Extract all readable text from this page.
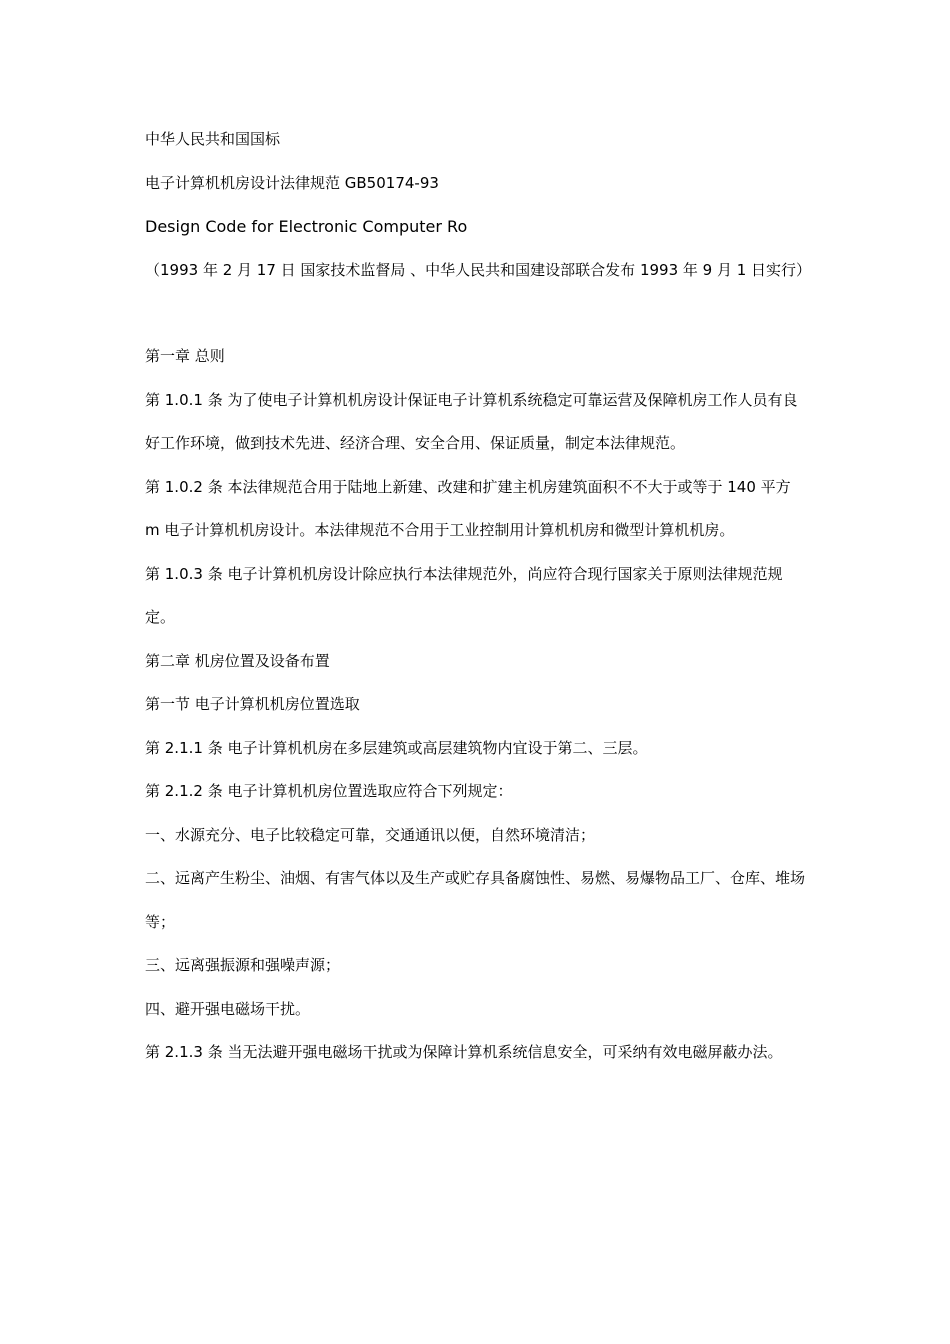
中华人民共和国国标

电子计算机机房设计法律规范 GB50174-93

Design Code for Electronic Computer Ro

（1993 年 2 月 17 日 国家技术监督局 、中华人民共和国建设部联合发布 1993 年 9 月 1 日实行）

第一章 总则

第 1.0.1 条 为了使电子计算机机房设计保证电子计算机系统稳定可靠运营及保障机房工作人员有良好工作环境，做到技术先进、经济合理、安全合用、保证质量，制定本法律规范。

第 1.0.2 条 本法律规范合用于陆地上新建、改建和扩建主机房建筑面积不不大于或等于 140 平方 m 电子计算机机房设计。本法律规范不合用于工业控制用计算机机房和微型计算机机房。

第 1.0.3 条 电子计算机机房设计除应执行本法律规范外，尚应符合现行国家关于原则法律规范规定。

第二章 机房位置及设备布置

第一节 电子计算机机房位置选取

第 2.1.1 条 电子计算机机房在多层建筑或高层建筑物内宜设于第二、三层。

第 2.1.2 条 电子计算机机房位置选取应符合下列规定：

一、水源充分、电子比较稳定可靠，交通通讯以便，自然环境清洁；

二、远离产生粉尘、油烟、有害气体以及生产或贮存具备腐蚀性、易燃、易爆物品工厂、仓库、堆场等；

三、远离强振源和强噪声源；

四、避开强电磁场干扰。

第 2.1.3 条 当无法避开强电磁场干扰或为保障计算机系统信息安全，可采纳有效电磁屏蔽办法。
